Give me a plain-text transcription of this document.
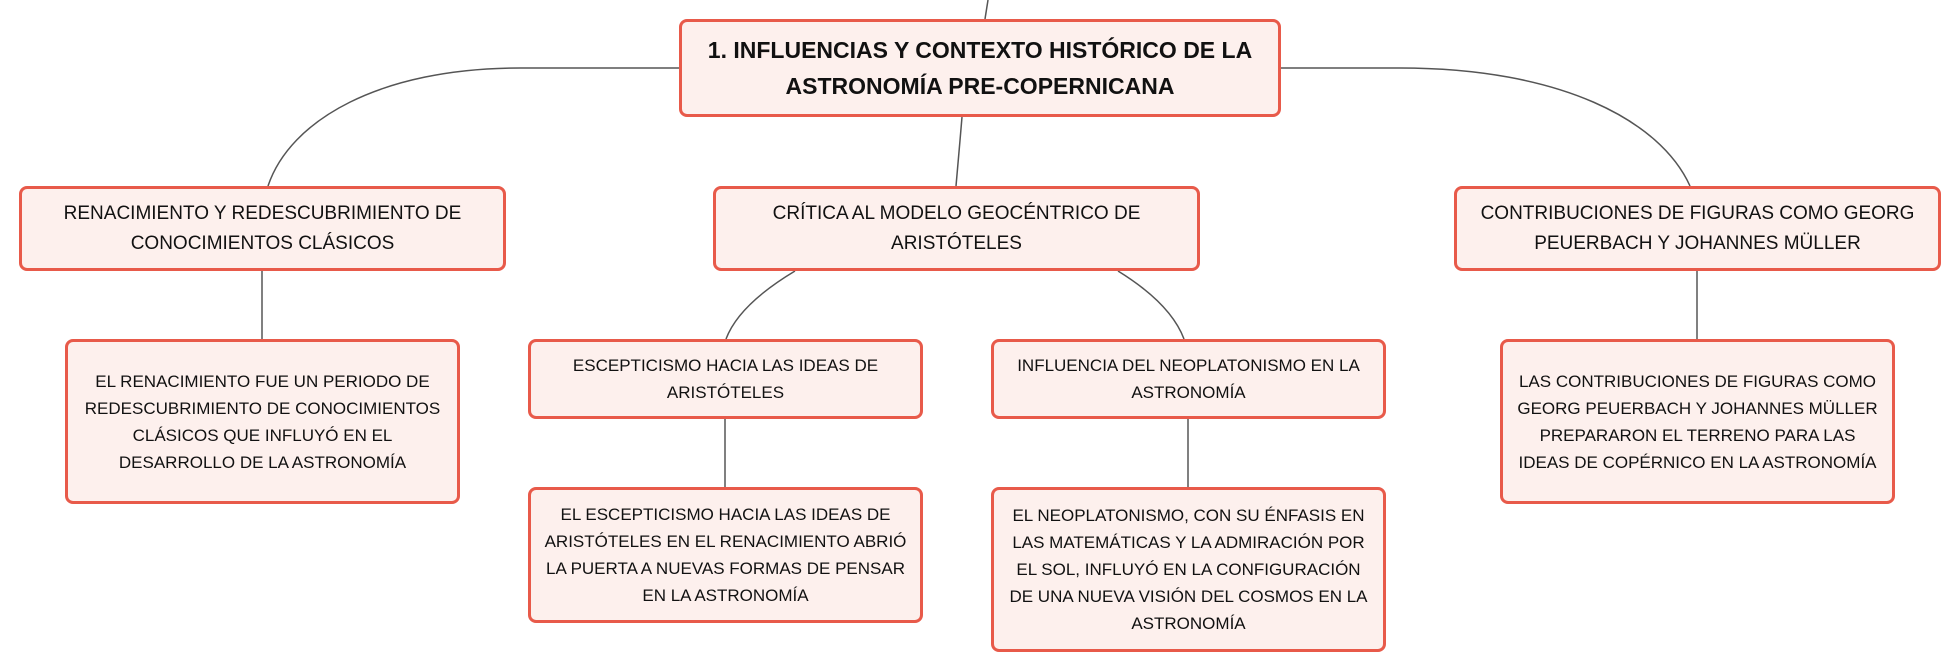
1. INFLUENCIAS Y CONTEXTO HISTÓRICO DE LA ASTRONOMÍA PRE-COPERNICANA
RENACIMIENTO Y REDESCUBRIMIENTO DE CONOCIMIENTOS CLÁSICOS
CRÍTICA AL MODELO GEOCÉNTRICO DE ARISTÓTELES
CONTRIBUCIONES DE FIGURAS COMO GEORG PEUERBACH Y JOHANNES MÜLLER
EL RENACIMIENTO FUE UN PERIODO DE REDESCUBRIMIENTO DE CONOCIMIENTOS CLÁSICOS QUE INFLUYÓ EN EL DESARROLLO DE LA ASTRONOMÍA
ESCEPTICISMO HACIA LAS IDEAS DE ARISTÓTELES
INFLUENCIA DEL NEOPLATONISMO EN LA ASTRONOMÍA
LAS CONTRIBUCIONES DE FIGURAS COMO GEORG PEUERBACH Y JOHANNES MÜLLER PREPARARON EL TERRENO PARA LAS IDEAS DE COPÉRNICO EN LA ASTRONOMÍA
EL ESCEPTICISMO HACIA LAS IDEAS DE ARISTÓTELES EN EL RENACIMIENTO ABRIÓ LA PUERTA A NUEVAS FORMAS DE PENSAR EN LA ASTRONOMÍA
EL NEOPLATONISMO, CON SU ÉNFASIS EN LAS MATEMÁTICAS Y LA ADMIRACIÓN POR EL SOL, INFLUYÓ EN LA CONFIGURACIÓN DE UNA NUEVA VISIÓN DEL COSMOS EN LA ASTRONOMÍA
